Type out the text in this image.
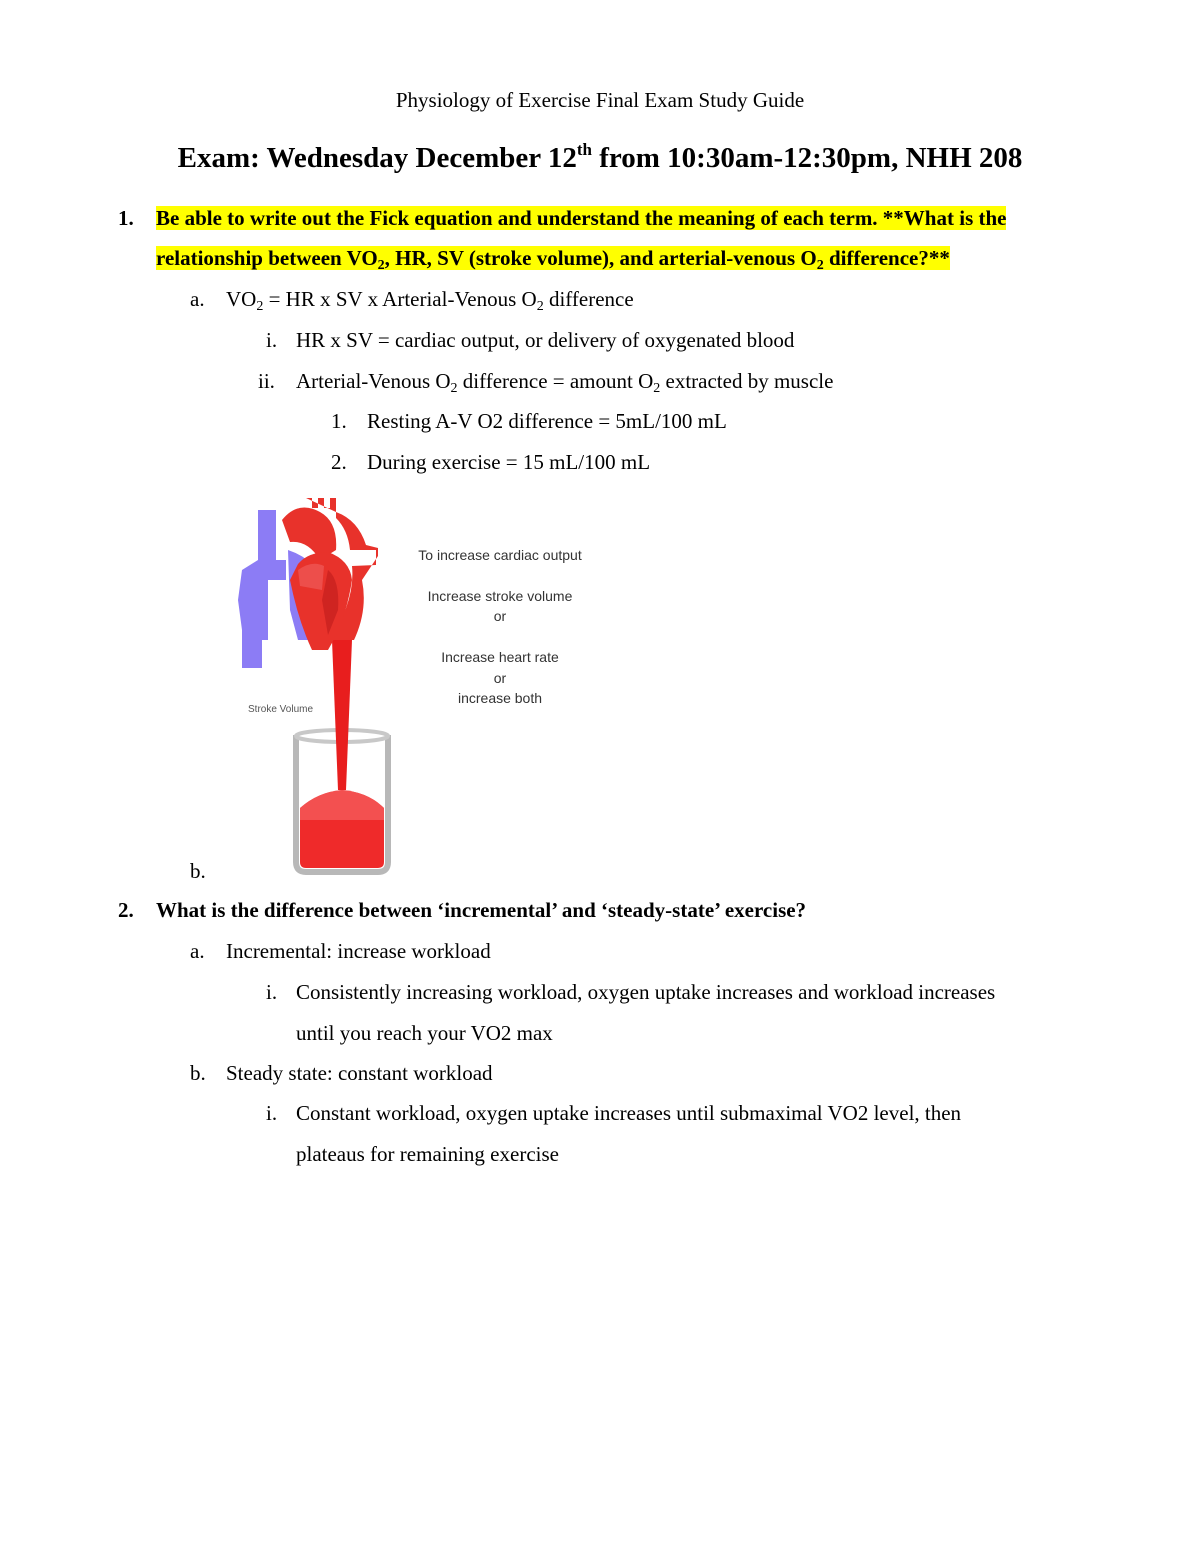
Physiology of Exercise Final Exam Study Guide
Exam: Wednesday December 12th from 10:30am-12:30pm, NHH 208
1. Be able to write out the Fick equation and understand the meaning of each term. **What is the
relationship between $VO_2$, HR, SV (stroke volume), and arterial-venous $O_2$ difference?**
a. $VO_2$ = HR x SV x Arterial-Venous $O_2$ difference
i. HR x SV = cardiac output, or delivery of oxygenated blood
ii. Arterial-Venous $O_2$ difference = amount $O_2$ extracted by muscle
1. Resting A-V O2 difference = 5mL/100 mL
2. During exercise = 15 mL/100 mL
Stroke Volume
To increase cardiac output
Increase stroke volume
or
Increase heart rate
or
increase both
b.
2. What is the difference between ‘incremental’ and ‘steady-state’ exercise?
a. Incremental: increase workload
i. Consistently increasing workload, oxygen uptake increases and workload increases
until you reach your VO2 max
b. Steady state: constant workload
i. Constant workload, oxygen uptake increases until submaximal VO2 level, then
plateaus for remaining exercise
